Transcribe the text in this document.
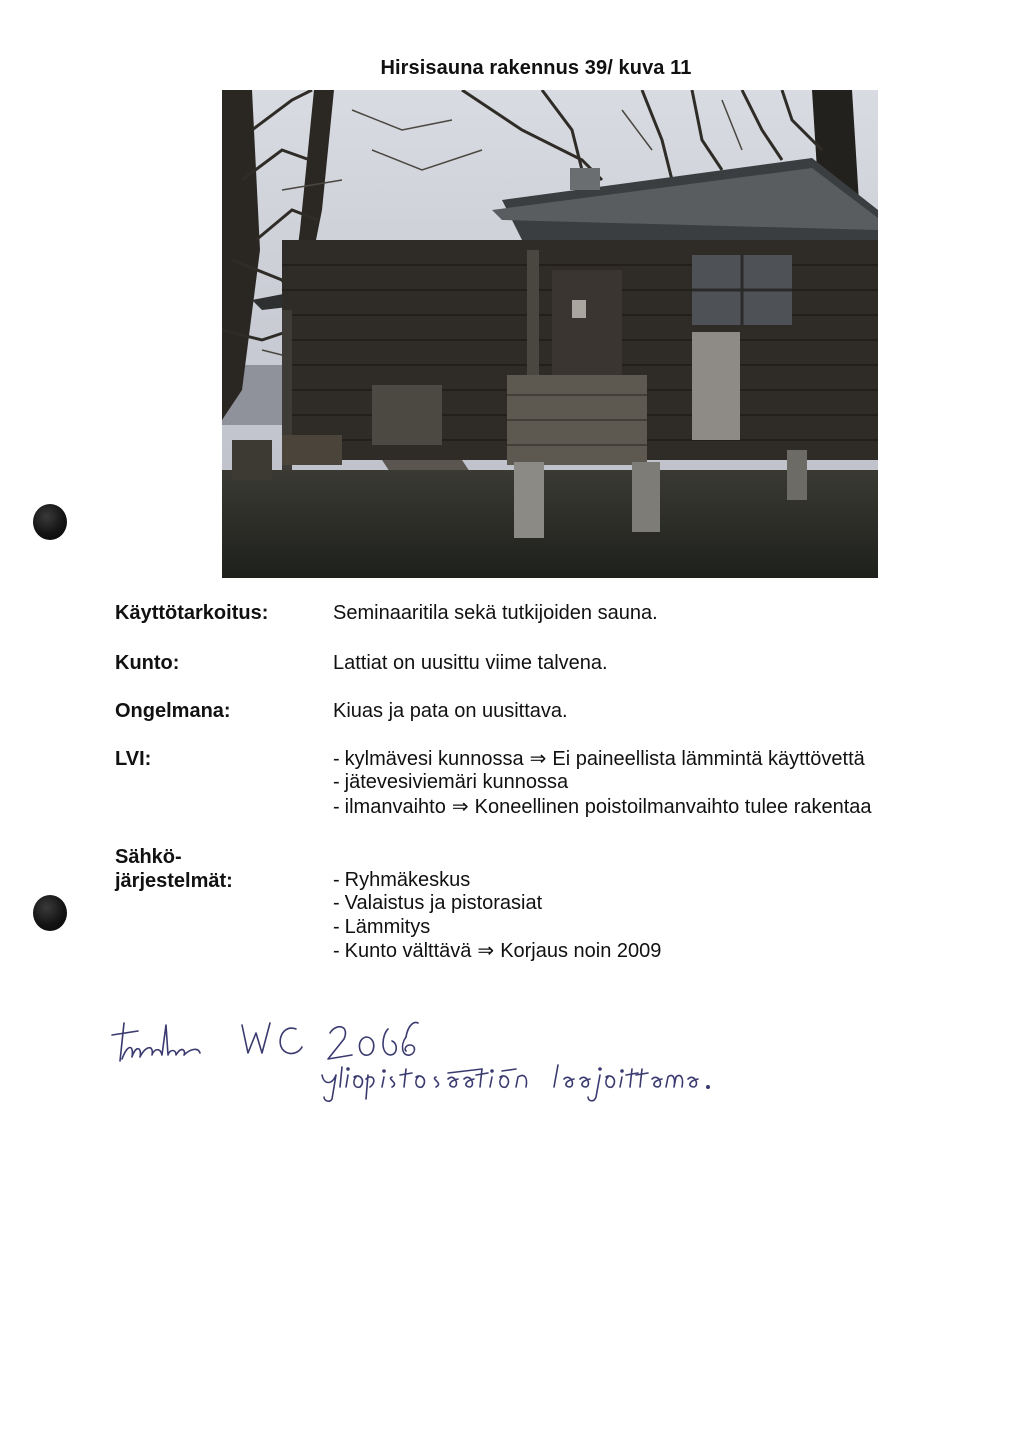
Hirsisauna rakennus 39/ kuva 11
Käyttötarkoitus:	Seminaaritila sekä tutkijoiden sauna.
Kunto:	Lattiat on uusittu viime talvena.
Ongelmana:	Kiuas ja pata on uusittava.
LVI:	- kylmävesi kunnossa ⇒ Ei paineellista lämmintä käyttövettä
- jätevesiviemäri kunnossa
- ilmanvaihto ⇒ Koneellinen poistoilmanvaihto tulee rakentaa
Sähkö-
järjestelmät:	- Ryhmäkeskus
- Valaistus ja pistorasiat
- Lämmitys
- Kunto välttävä ⇒ Korjaus noin 2009
